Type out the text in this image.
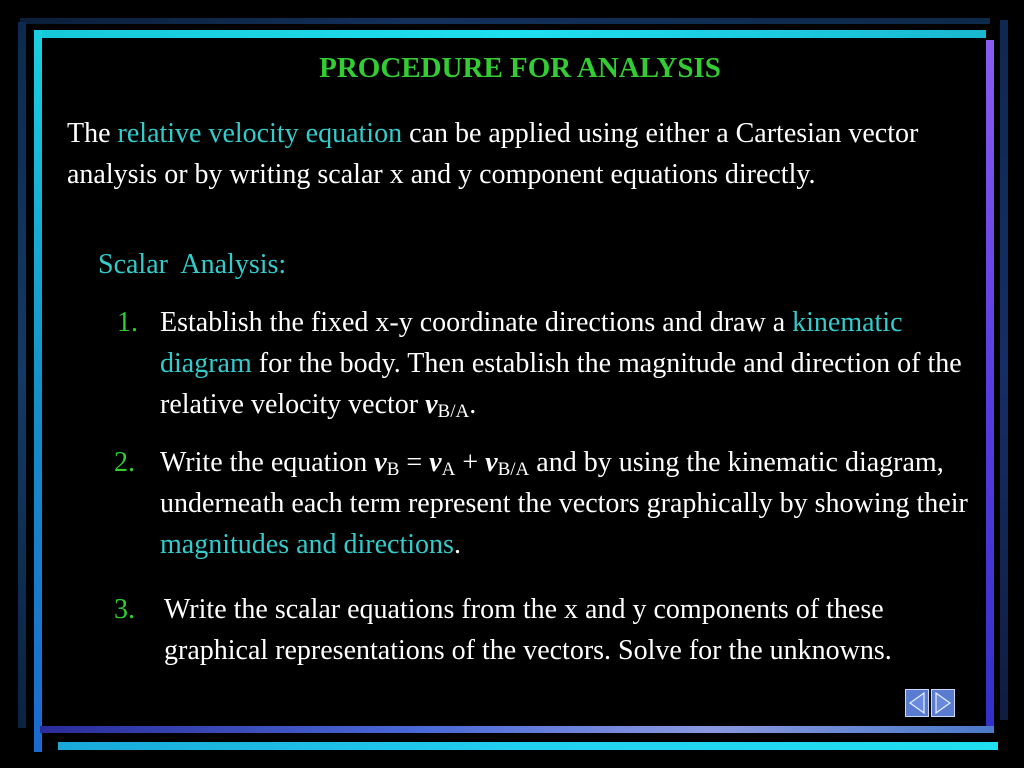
PROCEDURE FOR ANALYSIS

The relative velocity equation can be applied using either a Cartesian vector analysis or by writing scalar x and y component equations directly.

Scalar  Analysis:
1. Establish the fixed x-y coordinate directions and draw a kinematic diagram for the body. Then establish the magnitude and direction of the relative velocity vector $v_{B/A}$.
2. Write the equation $v_B = v_A + v_{B/A}$ and by using the kinematic diagram, underneath each term represent the vectors graphically by showing their magnitudes and directions.
3. Write the scalar equations from the x and y components of these graphical representations of the vectors. Solve for the unknowns.
